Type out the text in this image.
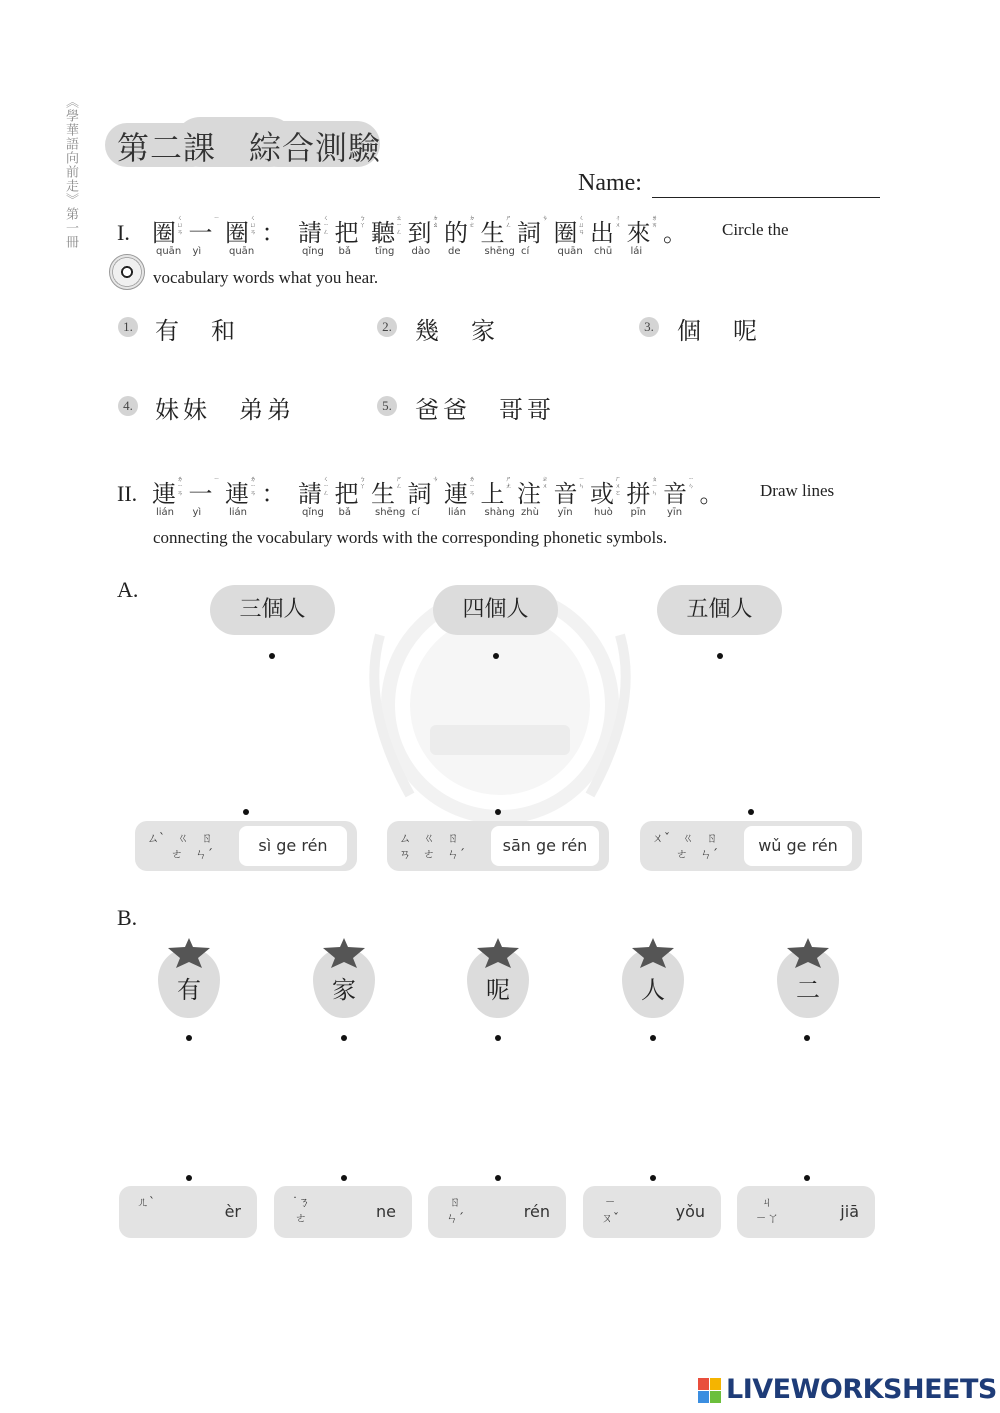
《學華語向前走》第一冊 第二課　綜合測驗
Name:
I. 圈
ㄑㄩㄢ
quān
一
ㄧ
yì
圈
ㄑㄩㄢ
quān
： 請
ㄑㄧㄥ
qǐng
把
ㄅㄚ
bǎ
聽
ㄊㄧㄥ
tīng
到
ㄉㄠ
dào
的
ㄉㄜ
de
生
ㄕㄥ
shēng
詞
ㄘ
cí
圈
ㄑㄩㄢ
quān
出
ㄔㄨ
chū
來
ㄌㄞ
lái
。 Circle the
vocabulary words what you hear.
1. 有　和	2. 幾　家	3. 個　呢
4. 妹妹　弟弟	5. 爸爸　哥哥
II. 連
ㄌㄧㄢ
lián
一
ㄧ
yì
連
ㄌㄧㄢ
lián
： 請
ㄑㄧㄥ
qǐng
把
ㄅㄚ
bǎ
生
ㄕㄥ
shēng
詞
ㄘ
cí
連
ㄌㄧㄢ
lián
上
ㄕㄤ
shàng
注
ㄓㄨ
zhù
音
ㄧㄣ
yīn
或
ㄏㄨㄛ
huò
拼
ㄆㄧㄣ
pīn
音
ㄧㄣ
yīn
。 Draw lines
connecting the vocabulary words with the corresponding phonetic symbols.
A.
三個人	四個人	五個人
ㄙˋ　ㄍ　ㄖ
　　ㄜ　ㄣˊ	sì ge rén	ㄙ　ㄍ　ㄖ
ㄢ　ㄜ　ㄣˊ	sān ge rén	ㄨˇ　ㄍ　ㄖ
　　ㄜ　ㄣˊ	wǔ ge rén
B.
有	家	呢	人	二
ㄦˋ	èr	˙ㄋ
ㄜ	ne	ㄖ
ㄣˊ	rén	ㄧ
ㄡˇ	yǒu	ㄐ
ㄧㄚ	jiā
LIVEWORKSHEETS
